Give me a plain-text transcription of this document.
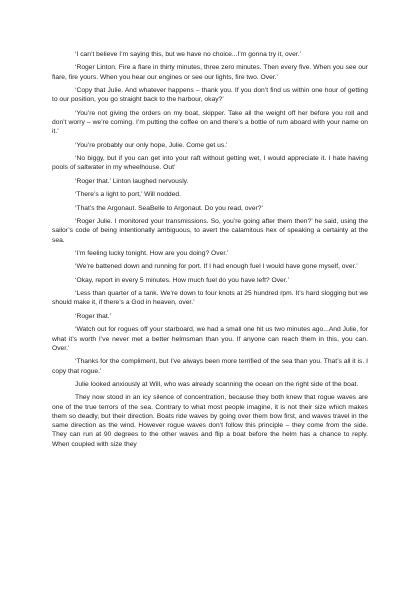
‘I can’t believe I’m saying this, but we have no choice...I’m gonna try it, over.’

‘Roger Linton. Fire a flare in thirty minutes, three zero minutes. Then every five. When you see our flare, fire yours. When you hear our engines or see our lights, fire two. Over.’

‘Copy that Julie. And whatever happens – thank you. If you don’t find us within one hour of getting to our position, you go straight back to the harbour, okay?’

‘You’re not giving the orders on my boat, skipper. Take all the weight off her before you roll and don’t worry – we’re coming. I’m putting the coffee on and there’s a bottle of rum aboard with your name on it.’

‘You’re probably our only hope, Julie. Come get us.’

‘No biggy, but if you can get into your raft without getting wet, I would appreciate it. I hate having pools of saltwater in my wheelhouse. Out’

‘Roger that.’ Linton laughed nervously.

‘There’s a light to port,’ Will nodded.

‘That’s the Argonaut. SeaBelle to Argonaut. Do you read, over?’

‘Roger Julie. I monitored your transmissions. So, you’re going after them then?’ he said, using the sailor’s code of being intentionally ambiguous, to avert the calamitous hex of speaking a certainty at the sea.

‘I’m feeling lucky tonight. How are you doing? Over.’

‘We’re battened down and running for port. If I had enough fuel I would have gone myself, over.’

‘Okay, report in every 5 minutes. How much fuel do you have left? Over.’

‘Less than quarter of a tank. We’re down to four knots at 25 hundred rpm. It’s hard slogging but we should make it, if there’s a God in heaven, over.’

‘Roger that.’

‘Watch out for rogues off your starboard, we had a small one hit us two minutes ago...And Julie, for what it’s worth I’ve never met a better helmsman than you. If anyone can reach them in this, you can. Over.’

‘Thanks for the compliment, but I’ve always been more terrified of the sea than you. That’s all it is. I copy that rogue.’

Julie looked anxiously at Will, who was already scanning the ocean on the right side of the boat.

They now stood in an icy silence of concentration, because they both knew that rogue waves are one of the true terrors of the sea. Contrary to what most people imagine, it is not their size which makes them so deadly, but their direction. Boats ride waves by going over them bow first, and waves travel in the same direction as the wind. However rogue waves don’t follow this principle – they come from the side. They can run at 90 degrees to the other waves and flip a boat before the helm has a chance to reply. When coupled with size they
